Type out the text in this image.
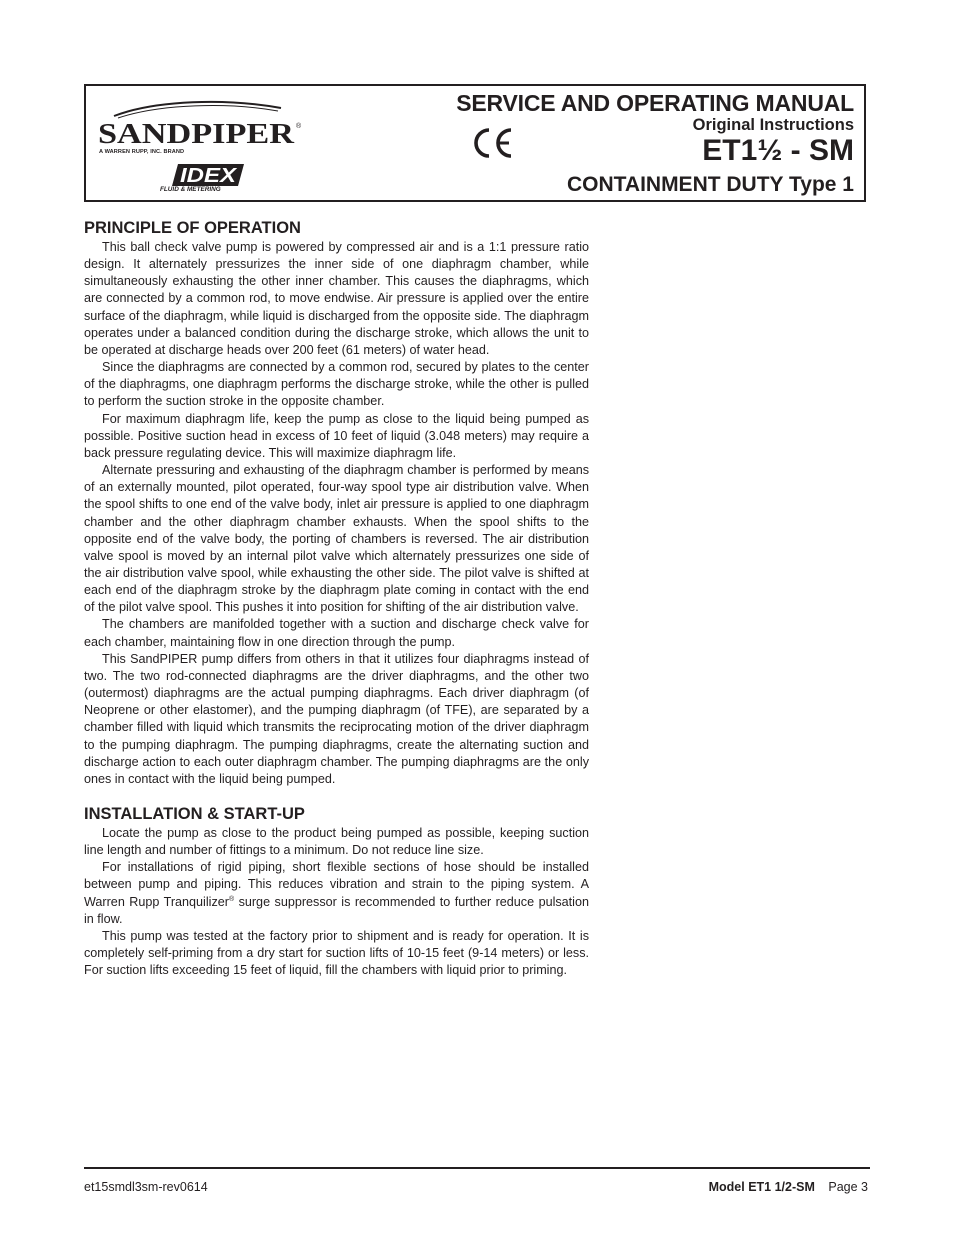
SANDPIPER ®
A WARREN RUPP, INC. BRAND
IDEX
FLUID & METERING
SERVICE AND OPERATING MANUAL
Original Instructions
ET1½ - SM
CONTAINMENT DUTY Type 1
PRINCIPLE OF OPERATION

This ball check valve pump is powered by compressed air and is a 1:1 pressure ratio design. It alternately pressurizes the inner side of one diaphragm chamber, while simultaneously exhausting the other inner chamber. This causes the diaphragms, which are connected by a common rod, to move endwise. Air pressure is applied over the entire surface of the diaphragm, while liquid is discharged from the opposite side. The diaphragm operates under a balanced condition during the discharge stroke, which allows the unit to be operated at discharge heads over 200 feet (61 meters) of water head.

Since the diaphragms are connected by a common rod, secured by plates to the center of the diaphragms, one diaphragm performs the discharge stroke, while the other is pulled to perform the suction stroke in the opposite chamber.

For maximum diaphragm life, keep the pump as close to the liquid being pumped as possible. Positive suction head in excess of 10 feet of liquid (3.048 meters) may require a back pressure regulating device. This will maximize diaphragm life.

Alternate pressuring and exhausting of the diaphragm chamber is performed by means of an externally mounted, pilot operated, four-way spool type air distribution valve. When the spool shifts to one end of the valve body, inlet air pressure is applied to one diaphragm chamber and the other diaphragm chamber exhausts. When the spool shifts to the opposite end of the valve body, the porting of chambers is reversed. The air distribution valve spool is moved by an internal pilot valve which alternately pressurizes one side of the air distribution valve spool, while exhausting the other side. The pilot valve is shifted at each end of the diaphragm stroke by the diaphragm plate coming in contact with the end of the pilot valve spool. This pushes it into position for shifting of the air distribution valve.

The chambers are manifolded together with a suction and discharge check valve for each chamber, maintaining flow in one direction through the pump.

This SandPIPER pump differs from others in that it utilizes four diaphragms instead of two. The two rod-connected diaphragms are the driver diaphragms, and the other two (outermost) diaphragms are the actual pumping diaphragms. Each driver diaphragm (of Neoprene or other elastomer), and the pumping diaphragm (of TFE), are separated by a chamber filled with liquid which transmits the reciprocating motion of the driver diaphragm to the pumping diaphragm. The pumping diaphragms, create the alternating suction and discharge action to each outer diaphragm chamber. The pumping diaphragms are the only ones in contact with the liquid being pumped.

INSTALLATION & START-UP

Locate the pump as close to the product being pumped as possible, keeping suction line length and number of fittings to a minimum. Do not reduce line size.

For installations of rigid piping, short flexible sections of hose should be installed between pump and piping. This reduces vibration and strain to the piping system. A Warren Rupp Tranquilizer® surge suppressor is recommended to further reduce pulsation in flow.

This pump was tested at the factory prior to shipment and is ready for operation. It is completely self-priming from a dry start for suction lifts of 10-15 feet (9-14 meters) or less. For suction lifts exceeding 15 feet of liquid, fill the chambers with liquid prior to priming.

et15smdl3sm-rev0614	Model ET1 1/2-SM Page 3
